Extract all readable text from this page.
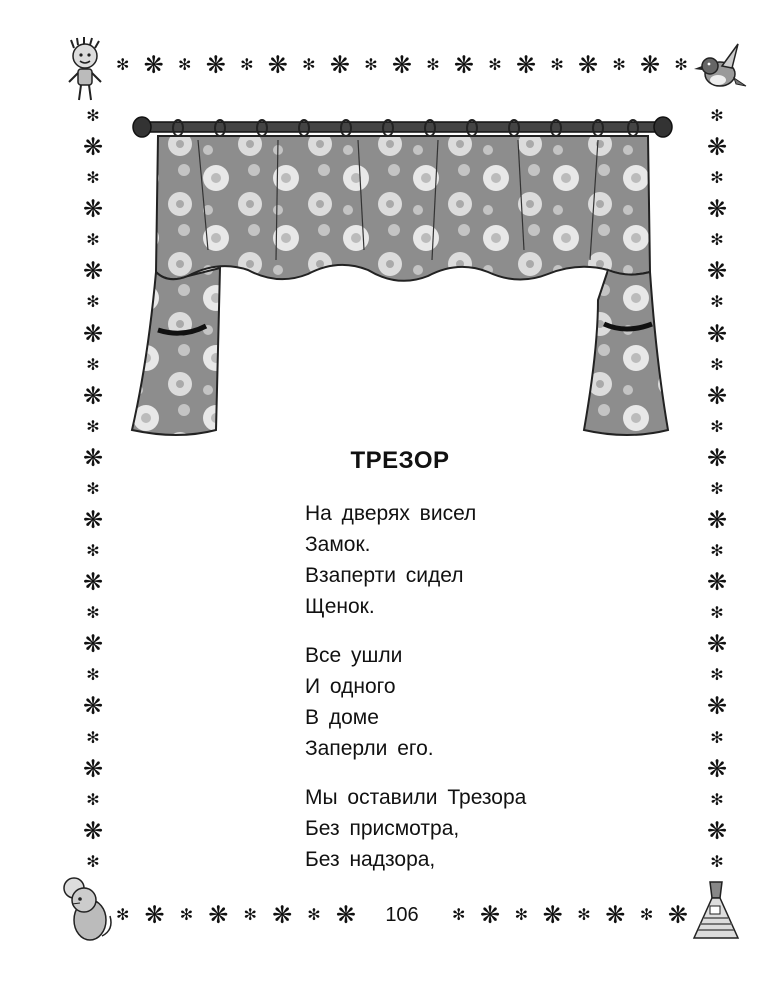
✻ ❋ ✻ ❋ ✻ ❋ ✻ ❋ ✻ ❋ ✻ ❋ ✻ ❋ ✻ ❋ ✻ ❋ ✻
✻ ❋ ✻ ❋ ✻ ❋ ✻ ❋	✻ ❋ ✻ ❋ ✻ ❋ ✻ ❋
✻
❋
✻
❋
✻
❋
✻
❋
✻
❋
✻
❋
✻
❋
✻
❋
✻
❋
✻
❋
✻
❋
✻
❋
✻
✻
❋
✻
❋
✻
❋
✻
❋
✻
❋
✻
❋
✻
❋
✻
❋
✻
❋
✻
❋
✻
❋
✻
❋
✻
ТРЕЗОР
На дверях висел
Замок.
Взаперти сидел
Щенок.
Все ушли
И одного
В доме
Заперли его.
Мы оставили Трезора
Без присмотра,
Без надзора,
106
